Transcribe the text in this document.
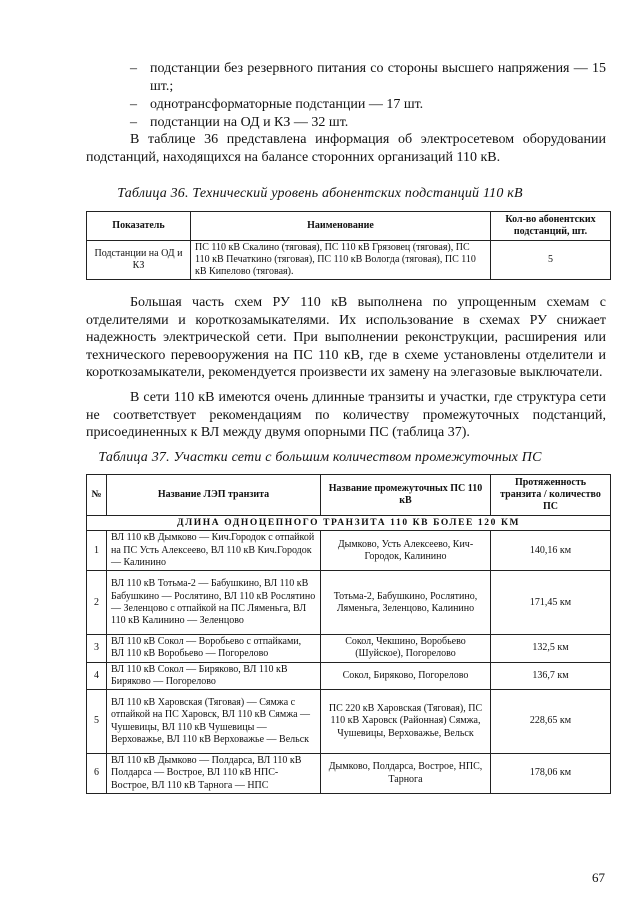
– подстанции без резервного питания со стороны высшего напряжения — 15
шт.;
– однотрансформаторные подстанции — 17 шт.
– подстанции на ОД и КЗ — 32 шт.
В таблице 36 представлена информация об электросетевом оборудовании подстанций, находящихся на балансе сторонних организаций 110 кВ.
Таблица 36. Технический уровень абонентских подстанций 110 кВ
Показатель	Наименование	Кол-во абонентских подстанций, шт.
Подстанции на ОД и КЗ	ПС 110 кВ Скалино (тяговая), ПС 110 кВ Грязовец (тяговая), ПС 110 кВ Печаткино (тяговая), ПС 110 кВ Вологда (тяговая), ПС 110 кВ Кипелово (тяговая).	5
Большая часть схем РУ 110 кВ выполнена по упрощенным схемам с отделителями и короткозамыкателями. Их использование в схемах РУ снижает надежность электрической сети. При выполнении реконструкции, расширения или технического перевооружения на ПС 110 кВ, где в схеме установлены отделители и короткозамыкатели, рекомендуется произвести их замену на элегазовые выключатели.
В сети 110 кВ имеются очень длинные транзиты и участки, где структура сети не соответствует рекомендациям по количеству промежуточных подстанций, присоединенных к ВЛ между двумя опорными ПС (таблица 37).
Таблица 37. Участки сети с большим количеством промежуточных ПС
№	Название ЛЭП транзита	Название промежуточных ПС 110 кВ	Протяженность транзита / количество ПС
ДЛИНА ОДНОЦЕПНОГО ТРАНЗИТА 110 КВ БОЛЕЕ 120 КМ			
1	ВЛ 110 кВ Дымково — Кич.Городок с отпайкой на ПС Усть Алексеево, ВЛ 110 кВ Кич.Городок — Калинино	Дымково, Усть Алексеево, Кич-Городок, Калинино	140,16 км
2	ВЛ 110 кВ Тотьма-2 — Бабушкино, ВЛ 110 кВ Бабушкино — Рослятино, ВЛ 110 кВ Рослятино — Зеленцово с отпайкой на ПС Ляменьга, ВЛ 110 кВ Калинино — Зеленцово	Тотьма-2, Бабушкино, Рослятино, Ляменьга, Зеленцово, Калинино	171,45 км
3	ВЛ 110 кВ Сокол — Воробьево с отпайками, ВЛ 110 кВ Воробьево — Погорелово	Сокол, Чекшино, Воробьево (Шуйское), Погорелово	132,5 км
4	ВЛ 110 кВ Сокол — Биряково, ВЛ 110 кВ Биряково — Погорелово	Сокол, Биряково, Погорелово	136,7 км
5	ВЛ 110 кВ Харовская (Тяговая) — Сямжа с отпайкой на ПС Харовск, ВЛ 110 кВ Сямжа — Чушевицы, ВЛ 110 кВ Чушевицы — Верховажье, ВЛ 110 кВ Верховажье — Вельск	ПС 220 кВ Харовская (Тяговая), ПС 110 кВ Харовск (Районная) Сямжа, Чушевицы, Верховажье, Вельск	228,65 км
6	ВЛ 110 кВ Дымково — Полдарса, ВЛ 110 кВ Полдарса — Вострое, ВЛ 110 кВ НПС-Вострое, ВЛ 110 кВ Тарнога — НПС	Дымково, Полдарса, Вострое, НПС, Тарнога	178,06 км
67
